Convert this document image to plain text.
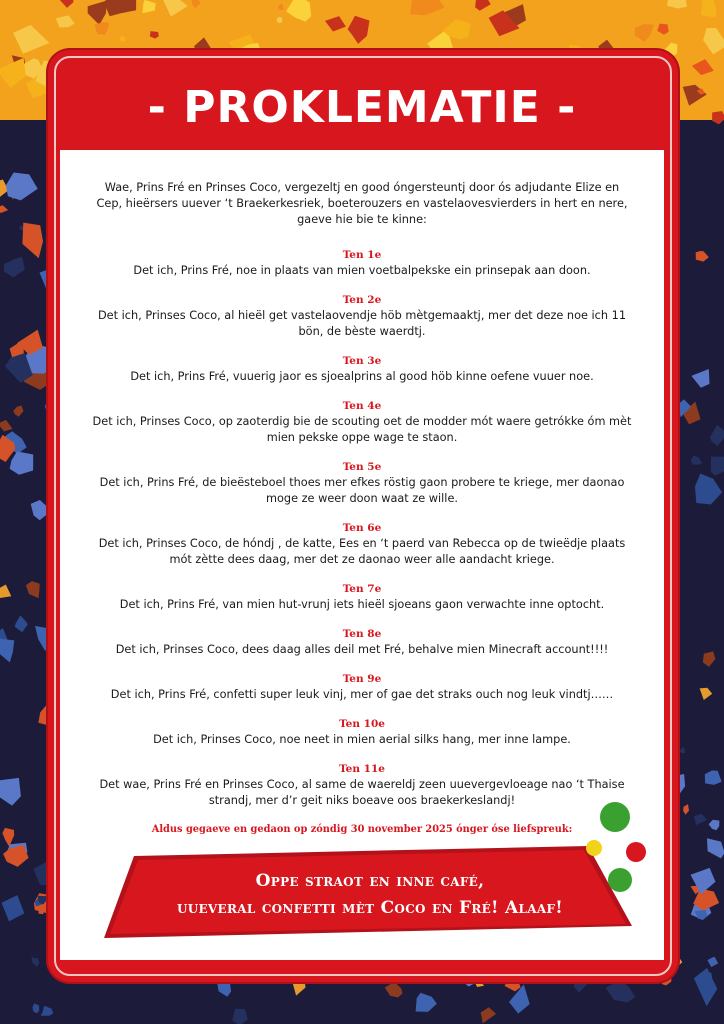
- PROKLEMATIE -

Wae, Prins Fré en Prinses Coco, vergezeltj en good óngersteuntj door ós adjudante Elize en Cep, hieërsers uuever ‘t Braekerkesriek, boeterouzers en vastelaovesvierders in hert en nere, gaeve hie bie te kinne:

Ten 1e

Det ich, Prins Fré, noe in plaats van mien voetbalpekske ein prinsepak aan doon.

Ten 2e

Det ich, Prinses Coco, al hieël get vastelaovendje höb mètgemaaktj, mer det deze noe ich 11 bön, de bèste waerdtj.

Ten 3e

Det ich, Prins Fré, vuuerig jaor es sjoealprins al good höb kinne oefene vuuer noe.

Ten 4e

Det ich, Prinses Coco, op zaoterdig bie de scouting oet de modder mót waere getrókke óm mèt mien pekske oppe wage te staon.

Ten 5e

Det ich, Prins Fré, de bieësteboel thoes mer efkes röstig gaon probere te kriege, mer daonao moge ze weer doon waat ze wille.

Ten 6e

Det ich, Prinses Coco, de hóndj , de katte, Ees en ‘t paerd van Rebecca op de twieëdje plaats mót zètte dees daag, mer det ze daonao weer alle aandacht kriege.

Ten 7e

Det ich, Prins Fré, van mien hut-vrunj iets hieël sjoeans gaon verwachte inne optocht.

Ten 8e

Det ich, Prinses Coco, dees daag alles deil met Fré, behalve mien Minecraft account!!!!

Ten 9e

Det ich, Prins Fré, confetti super leuk vinj, mer of gae det straks ouch nog leuk vindtj……

Ten 10e

Det ich, Prinses Coco, noe neet in mien aerial silks hang, mer inne lampe.

Ten 11e

Det wae, Prins Fré en Prinses Coco, al same de waereldj zeen uuevergevloeage nao ‘t Thaise strandj, mer d’r geit niks boeave oos braekerkeslandj!

Aldus gegaeve en gedaon op zóndig 30 november 2025 ónger óse liefspreuk:
Oppe straot en inne café,
uueveral confetti mèt Coco en Fré! Alaaf!
